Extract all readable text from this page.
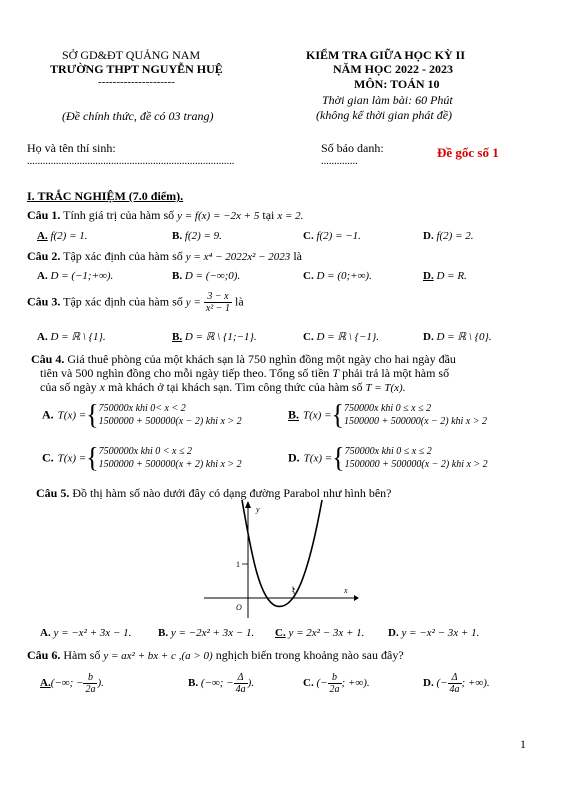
SỞ GD&ĐT QUẢNG NAM
TRƯỜNG THPT NGUYỄN HUỆ
---------------------
(Đề chính thức, đề có 03 trang)
KIỂM TRA GIỮA HỌC KỲ II
NĂM HỌC 2022 - 2023
MÔN: TOÁN 10
Thời gian làm bài: 60 Phút
(không kể thời gian phát đề)
Họ và tên thí sinh:
...............................................................................
Số báo danh:
..............
Đề gốc số 1
I. TRẮC NGHIỆM (7.0 điểm).
Câu 1. Tính giá trị của hàm số y = f(x) = −2x + 5 tại x = 2.
A. f(2) = 1.	B. f(2) = 9.	C. f(2) = −1.	D. f(2) = 2.
Câu 2. Tập xác định của hàm số y = x⁴ − 2022x² − 2023 là
A. D = (−1;+∞).	B. D = (−∞;0).	C. D = (0;+∞).	D. D = R.
Câu 3. Tập xác định của hàm số $y = \frac{3 - x}{\text{x² − 1}}$ là
A. D = ℝ \ {1}.	B. D = ℝ \ {1;−1}.	C. D = ℝ \ {−1}.	D. D = ℝ \ {0}.
Câu 4. Giá thuê phòng của một khách sạn là 750 nghìn đồng một ngày cho hai ngày đầu
tiên và 500 nghìn đồng cho mỗi ngày tiếp theo. Tổng số tiền T phải trả là một hàm số
của số ngày x mà khách ở tại khách sạn. Tìm công thức của hàm số T = T(x).
A. T(x) ={750000x khi 0< x < 2
1500000 + 500000(x − 2) khi x > 2	B. T(x) ={750000x khi 0 ≤ x ≤ 2
1500000 + 500000(x − 2) khi x > 2
C. T(x) ={7500000x khi 0 < x ≤ 2
1500000 + 500000(x + 2) khi x > 2	D. T(x) ={750000x khi 0 ≤ x ≤ 2
1500000 + 500000(x − 2) khi x > 2
Câu 5. Đồ thị hàm số nào dưới đây có dạng đường Parabol như hình bên?
y
x
O
1
1
A. y = −x² + 3x − 1. B. y = −2x² + 3x − 1. C. y = 2x² − 3x + 1. D. y = −x² − 3x + 1.
Câu 6. Hàm số y = ax² + bx + c ,(a > 0) nghịch biến trong khoảng nào sau đây?
A.(−∞; − $\frac{b}{2a}$ ).	B. (−∞; − $\frac{\Delta}{4a}$ ).	C. (− $\frac{b}{2a}$ ; +∞).	D. (− $\frac{\Delta}{4a}$ ; +∞).
1
